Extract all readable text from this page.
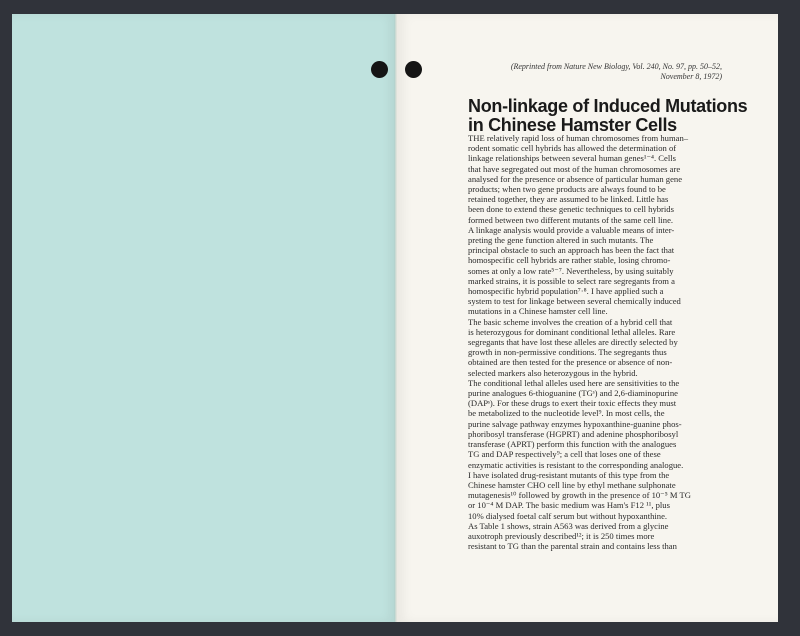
(Reprinted from Nature New Biology, Vol. 240, No. 97, pp. 50–52,
November 8, 1972)
Non-linkage of Induced Mutations
in Chinese Hamster Cells
THE relatively rapid loss of human chromosomes from human–
rodent somatic cell hybrids has allowed the determination of
linkage relationships between several human genes¹⁻⁴. Cells
that have segregated out most of the human chromosomes are
analysed for the presence or absence of particular human gene
products; when two gene products are always found to be
retained together, they are assumed to be linked. Little has
been done to extend these genetic techniques to cell hybrids
formed between two different mutants of the same cell line.
A linkage analysis would provide a valuable means of inter-
preting the gene function altered in such mutants. The
principal obstacle to such an approach has been the fact that
homospecific cell hybrids are rather stable, losing chromo-
somes at only a low rate⁵⁻⁷. Nevertheless, by using suitably
marked strains, it is possible to select rare segregants from a
homospecific hybrid population⁷·⁸. I have applied such a
system to test for linkage between several chemically induced
mutations in a Chinese hamster cell line.
The basic scheme involves the creation of a hybrid cell that
is heterozygous for dominant conditional lethal alleles. Rare
segregants that have lost these alleles are directly selected by
growth in non-permissive conditions. The segregants thus
obtained are then tested for the presence or absence of non-
selected markers also heterozygous in the hybrid.
The conditional lethal alleles used here are sensitivities to the
purine analogues 6-thioguanine (TGˢ) and 2,6-diaminopurine
(DAPˢ). For these drugs to exert their toxic effects they must
be metabolized to the nucleotide level⁹. In most cells, the
purine salvage pathway enzymes hypoxanthine-guanine phos-
phoribosyl transferase (HGPRT) and adenine phosphoribosyl
transferase (APRT) perform this function with the analogues
TG and DAP respectively⁹; a cell that loses one of these
enzymatic activities is resistant to the corresponding analogue.
I have isolated drug-resistant mutants of this type from the
Chinese hamster CHO cell line by ethyl methane sulphonate
mutagenesis¹⁰ followed by growth in the presence of 10⁻⁵ M TG
or 10⁻⁴ M DAP. The basic medium was Ham's F12 ¹¹, plus
10% dialysed foetal calf serum but without hypoxanthine.
As Table 1 shows, strain A563 was derived from a glycine
auxotroph previously described¹²; it is 250 times more
resistant to TG than the parental strain and contains less than
